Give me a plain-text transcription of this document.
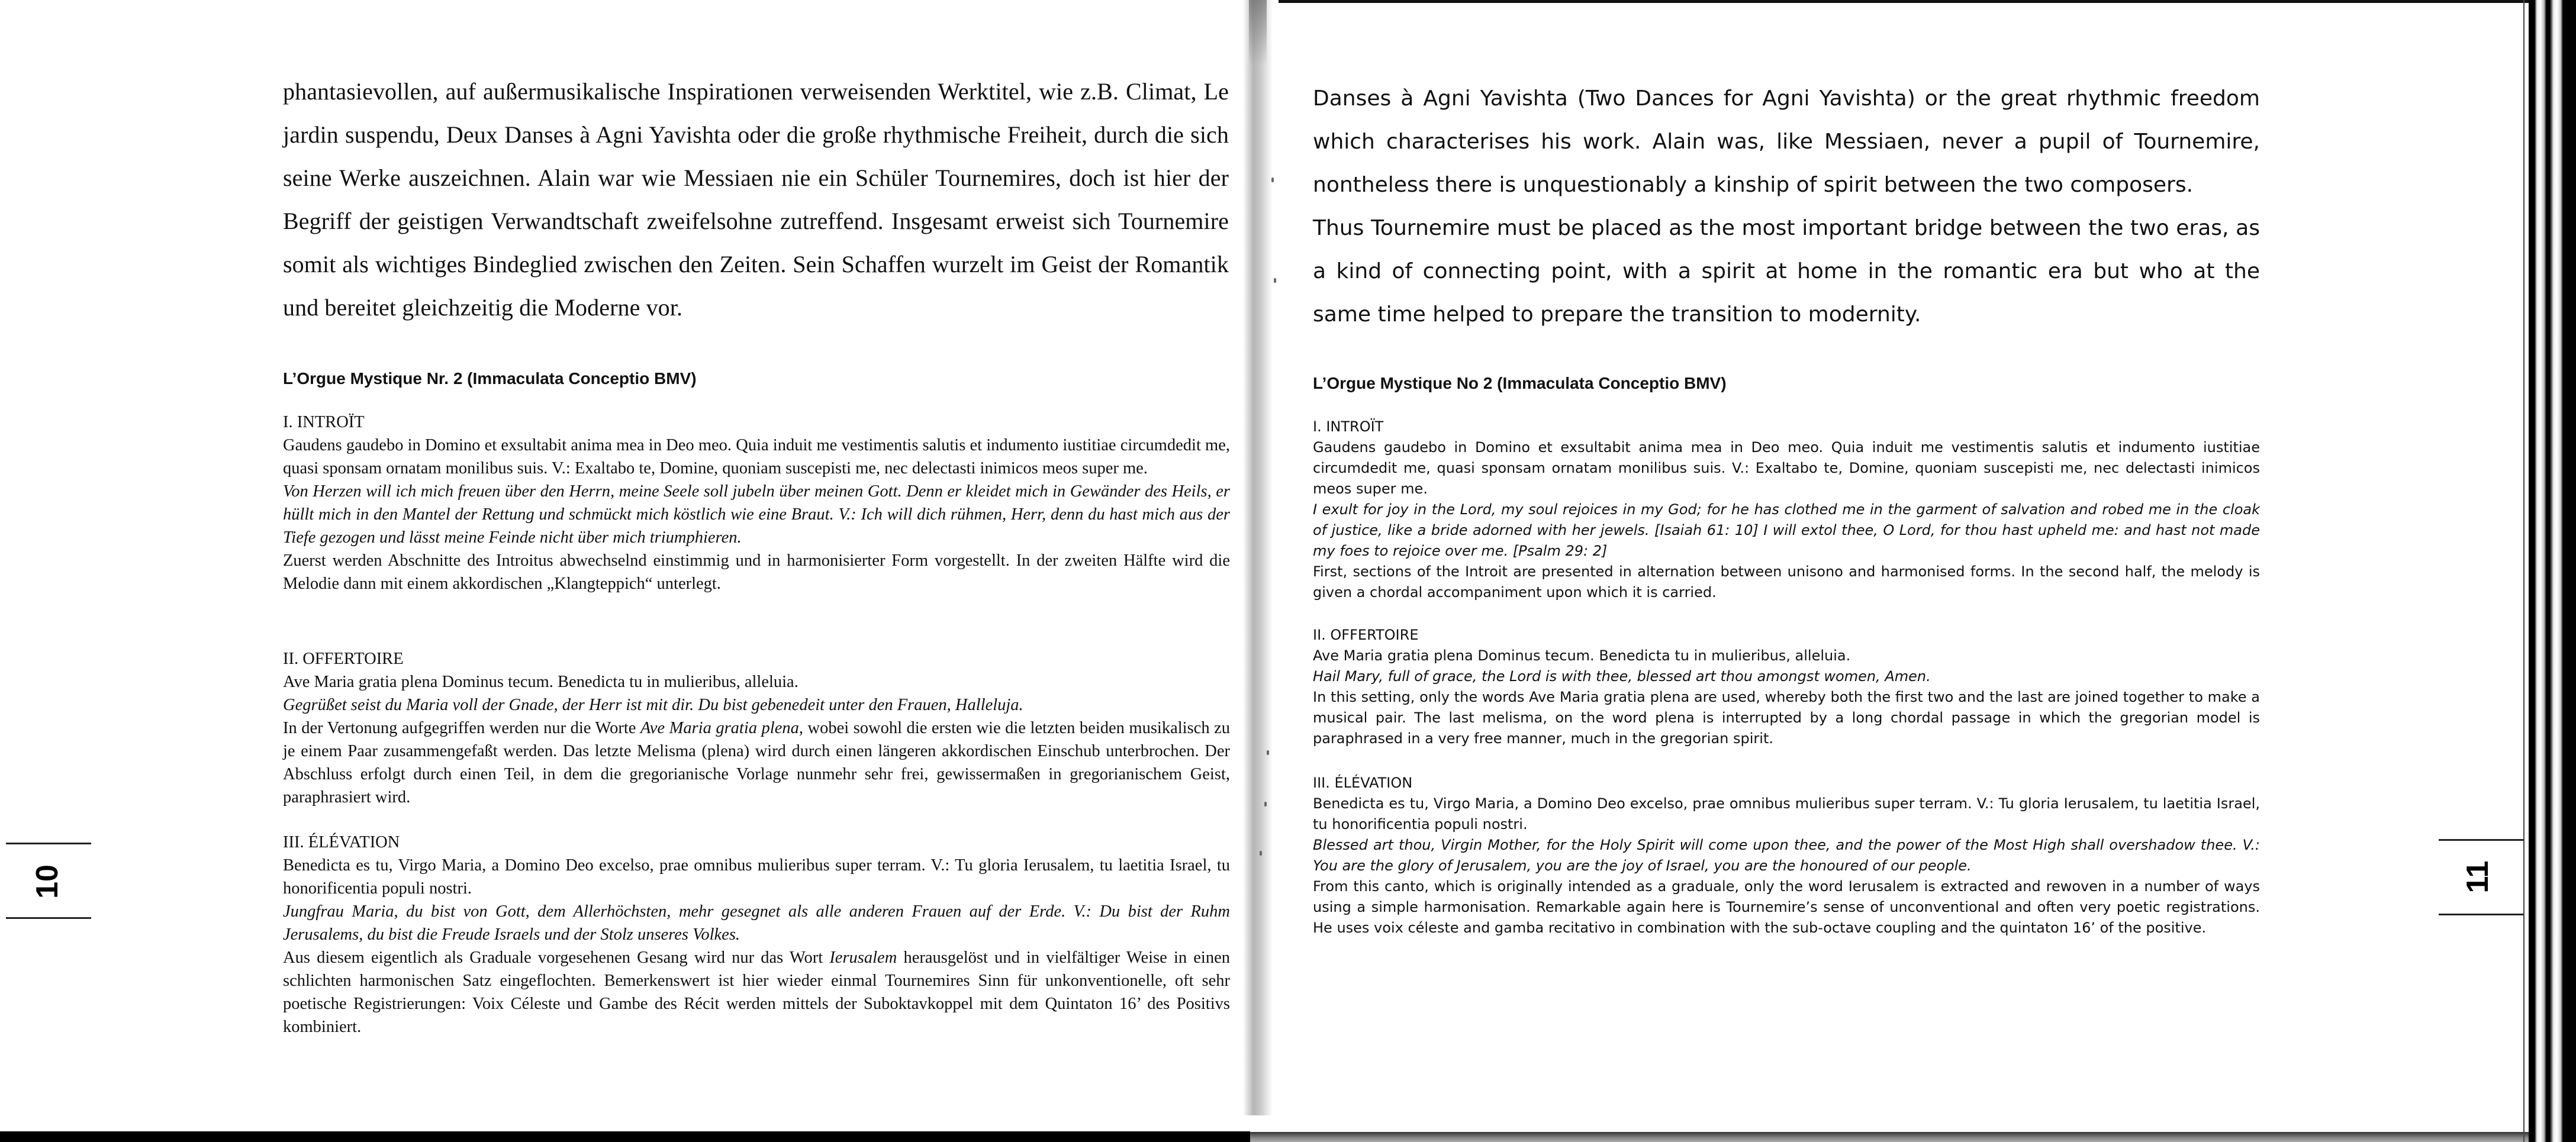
phantasievollen, auf außermusikalische Inspirationen verweisenden Werktitel, wie z.B. Climat, Le jardin suspendu, Deux Danses à Agni Yavishta oder die große rhythmische Freiheit, durch die sich seine Werke auszeichnen. Alain war wie Messiaen nie ein Schüler Tournemires, doch ist hier der Begriff der geistigen Verwandtschaft zweifelsohne zutreffend. Insgesamt erweist sich Tournemire somit als wichtiges Bindeglied zwischen den Zeiten. Sein Schaffen wurzelt im Geist der Romantik und bereitet gleichzeitig die Moderne vor.
L’Orgue Mystique Nr. 2 (Immaculata Conceptio BMV)

I. INTROÏT

Gaudens gaudebo in Domino et exsultabit anima mea in Deo meo. Quia induit me vestimentis salutis et indumento iustitiae circumdedit me, quasi sponsam ornatam monilibus suis. V.: Exaltabo te, Domine, quoniam suscepisti me, nec delectasti inimicos meos super me.

Von Herzen will ich mich freuen über den Herrn, meine Seele soll jubeln über meinen Gott. Denn er kleidet mich in Gewänder des Heils, er hüllt mich in den Mantel der Rettung und schmückt mich köstlich wie eine Braut. V.: Ich will dich rühmen, Herr, denn du hast mich aus der Tiefe gezogen und lässt meine Feinde nicht über mich triumphieren.

Zuerst werden Abschnitte des Introitus abwechselnd einstimmig und in harmonisierter Form vorgestellt. In der zweiten Hälfte wird die Melodie dann mit einem akkordischen „Klangteppich“ unterlegt.

II. OFFERTOIRE

Ave Maria gratia plena Dominus tecum. Benedicta tu in mulieribus, alleluia.

Gegrüßet seist du Maria voll der Gnade, der Herr ist mit dir. Du bist gebenedeit unter den Frauen, Halleluja.

In der Vertonung aufgegriffen werden nur die Worte Ave Maria gratia plena, wobei sowohl die ersten wie die letzten beiden musikalisch zu je einem Paar zusammengefaßt werden. Das letzte Melisma (plena) wird durch einen längeren akkordischen Einschub unterbrochen. Der Abschluss erfolgt durch einen Teil, in dem die gregorianische Vorlage nunmehr sehr frei, gewissermaßen in gregorianischem Geist, paraphrasiert wird.

III. ÉLÉVATION

Benedicta es tu, Virgo Maria, a Domino Deo excelso, prae omnibus mulieribus super terram. V.: Tu gloria Ierusalem, tu laetitia Israel, tu honorificentia populi nostri.

Jungfrau Maria, du bist von Gott, dem Allerhöchsten, mehr gesegnet als alle anderen Frauen auf der Erde. V.: Du bist der Ruhm Jerusalems, du bist die Freude Israels und der Stolz unseres Volkes.

Aus diesem eigentlich als Graduale vorgesehenen Gesang wird nur das Wort Ierusalem herausgelöst und in vielfältiger Weise in einen schlichten harmonischen Satz eingeflochten. Bemerkenswert ist hier wieder einmal Tournemires Sinn für unkonventionelle, oft sehr poetische Registrierungen: Voix Céleste und Gambe des Récit werden mittels der Suboktavkoppel mit dem Quintaton 16’ des Positivs kombiniert.

10

Danses à Agni Yavishta (Two Dances for Agni Yavishta) or the great rhythmic freedom which characterises his work. Alain was, like Messiaen, never a pupil of Tournemire, nontheless there is unquestionably a kinship of spirit between the two composers.

Thus Tournemire must be placed as the most important bridge between the two eras, as a kind of connecting point, with a spirit at home in the romantic era but who at the same time helped to prepare the transition to modernity.

L’Orgue Mystique No 2 (Immaculata Conceptio BMV)

I. INTROÏT

Gaudens gaudebo in Domino et exsultabit anima mea in Deo meo. Quia induit me vestimentis salutis et indumento iustitiae circumdedit me, quasi sponsam ornatam monilibus suis. V.: Exaltabo te, Domine, quoniam suscepisti me, nec delectasti inimicos meos super me.

I exult for joy in the Lord, my soul rejoices in my God; for he has clothed me in the garment of salvation and robed me in the cloak of justice, like a bride adorned with her jewels. [Isaiah 61: 10] I will extol thee, O Lord, for thou hast upheld me: and hast not made my foes to rejoice over me. [Psalm 29: 2]

First, sections of the Introit are presented in alternation between unisono and harmonised forms. In the second half, the melody is given a chordal accompaniment upon which it is carried.

II. OFFERTOIRE

Ave Maria gratia plena Dominus tecum. Benedicta tu in mulieribus, alleluia.

Hail Mary, full of grace, the Lord is with thee, blessed art thou amongst women, Amen.

In this setting, only the words Ave Maria gratia plena are used, whereby both the first two and the last are joined together to make a musical pair. The last melisma, on the word plena is interrupted by a long chordal passage in which the gregorian model is paraphrased in a very free manner, much in the gregorian spirit.

III. ÉLÉVATION

Benedicta es tu, Virgo Maria, a Domino Deo excelso, prae omnibus mulieribus super terram. V.: Tu gloria Ierusalem, tu laetitia Israel, tu honorificentia populi nostri.

Blessed art thou, Virgin Mother, for the Holy Spirit will come upon thee, and the power of the Most High shall overshadow thee. V.: You are the glory of Jerusalem, you are the joy of Israel, you are the honoured of our people.

From this canto, which is originally intended as a graduale, only the word Ierusalem is extracted and rewoven in a number of ways using a simple harmonisation. Remarkable again here is Tournemire’s sense of unconventional and often very poetic registrations. He uses voix céleste and gamba recitativo in combination with the sub-octave coupling and the quintaton 16’ of the positive.

11
